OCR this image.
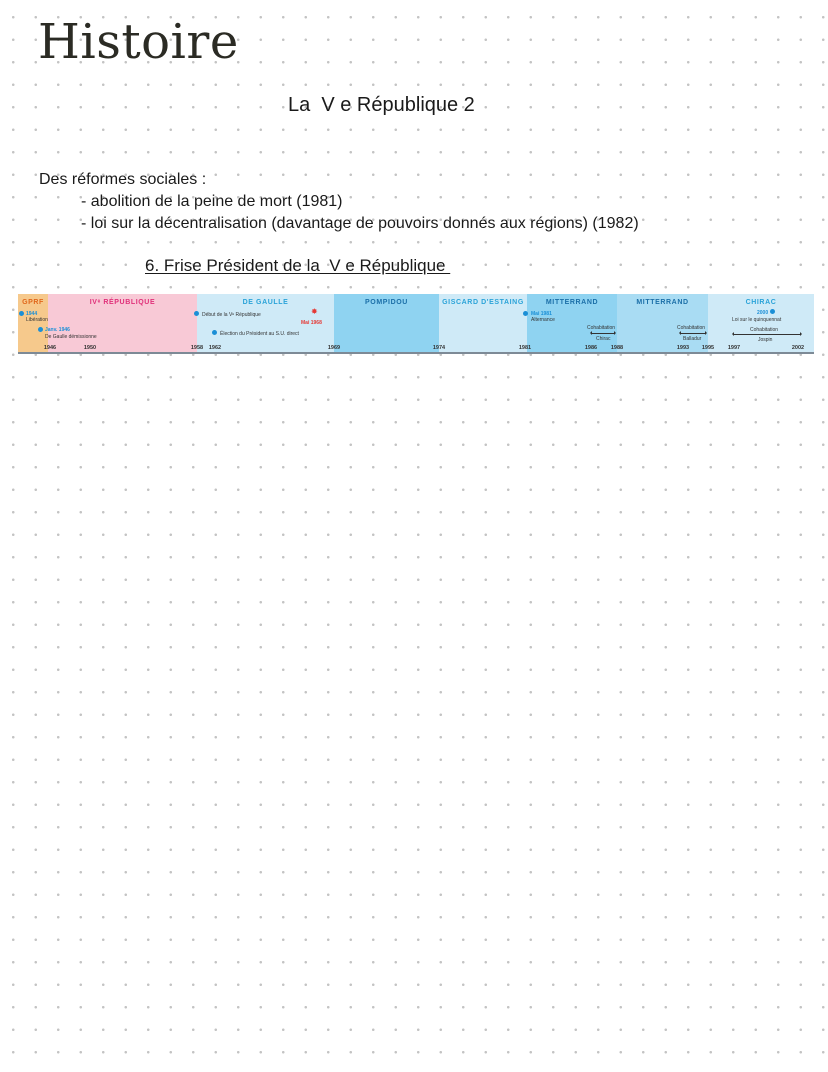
Histoire
La  V e République 2
Des réformes sociales :
- abolition de la peine de mort (1981)
- loi sur la décentralisation (davantage de pouvoirs donnés aux régions) (1982)
6. Frise Président de la  V e République
GPRF	IVᵉ RÉPUBLIQUE	DE GAULLE	POMPIDOU	GISCARD D'ESTAING	MITTERRAND	MITTERRAND	CHIRAC
1944
Libération
Janv. 1946
De Gaulle démissionne
Début de la Vᵉ République	✸
Mai 1968
Élection du Président au S.U. direct
Mai 1981
Alternance
Cohabitation
Chirac
Cohabitation
Balladur
2000
Loi sur le quinquennat
Cohabitation
Jospin
1946	1950	1958 1962	1969	1974	1981	1986	1988	1993 1995	1997	2002
